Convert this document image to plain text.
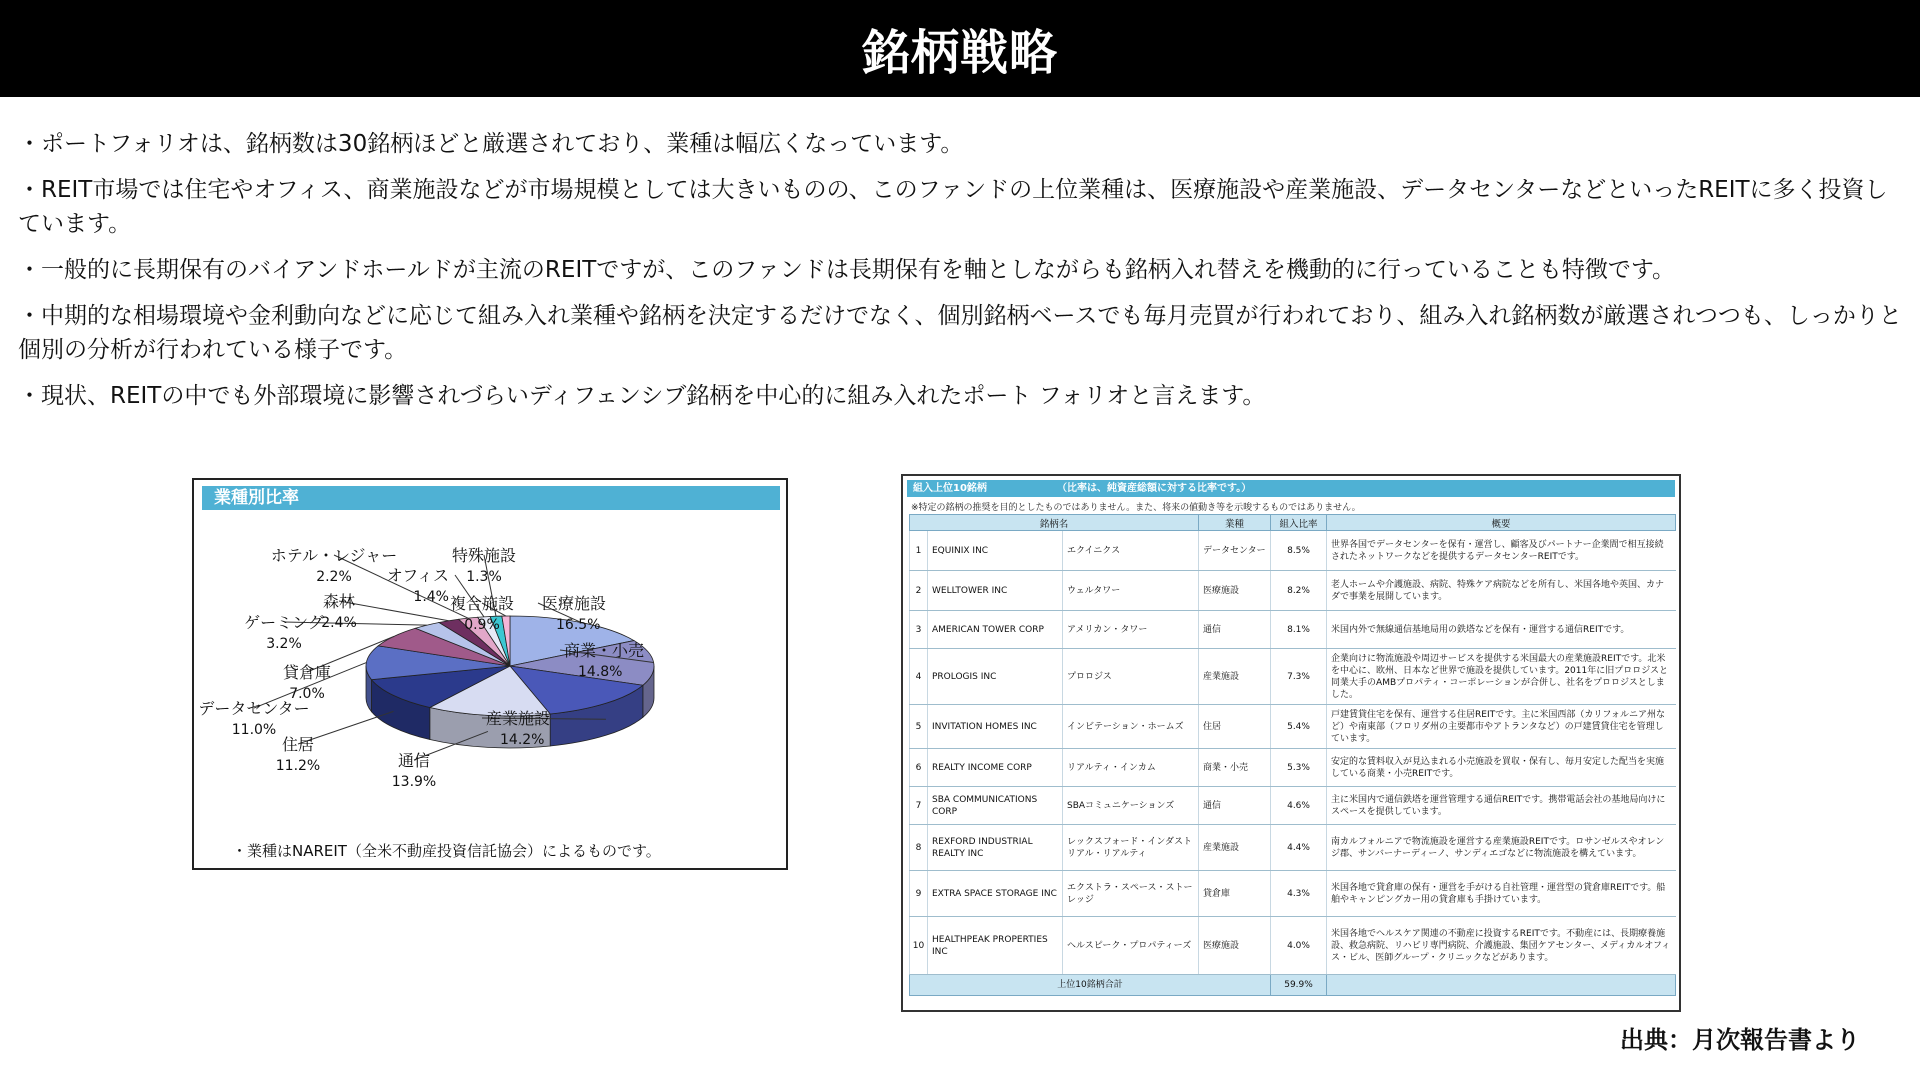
銘柄戦略

・ポートフォリオは、銘柄数は30銘柄ほどと厳選されており、業種は幅広くなっています。

・REIT市場では住宅やオフィス、商業施設などが市場規模としては大きいものの、このファンドの上位業種は、医療施設や産業施設、データセンターなどといったREITに多く投資しています。

・一般的に長期保有のバイアンドホールドが主流のREITですが、このファンドは長期保有を軸としながらも銘柄入れ替えを機動的に行っていることも特徴です。

・中期的な相場環境や金利動向などに応じて組み入れ業種や銘柄を決定するだけでなく、個別銘柄ベースでも毎月売買が行われており、組み入れ銘柄数が厳選されつつも、しっかりと個別の分析が行われている様子です。

・現状、REITの中でも外部環境に影響されづらいディフェンシブ銘柄を中心的に組み入れたポート フォリオと言えます。

業種別比率
医療施設
16.5%
商業・小売
14.8%
産業施設
14.2%
通信
13.9%
住居
11.2%
データセンター
11.0%
貸倉庫
7.0%
ゲーミング
3.2%
森林
2.4%
ホテル・レジャー
2.2% オフィス
1.4%
特殊施設
1.3%
複合施設
0.9%
・業種はNAREIT（全米不動産投資信託協会）によるものです。
組入上位10銘柄	（比率は、純資産総額に対する比率です。）
※特定の銘柄の推奨を目的としたものではありません。また、将来の値動き等を示唆するものではありません。
銘柄名			業種	組入比率	概要
1	EQUINIX INC	エクイニクス	データセンター	8.5%	世界各国でデータセンターを保有・運営し、顧客及びパートナー企業間で相互接続されたネットワークなどを提供するデータセンターREITです。
2	WELLTOWER INC	ウェルタワー	医療施設	8.2%	老人ホームや介護施設、病院、特殊ケア病院などを所有し、米国各地や英国、カナダで事業を展開しています。
3	AMERICAN TOWER CORP	アメリカン・タワー	通信	8.1%	米国内外で無線通信基地局用の鉄塔などを保有・運営する通信REITです。
4	PROLOGIS INC	プロロジス	産業施設	7.3%	企業向けに物流施設や周辺サービスを提供する米国最大の産業施設REITです。北米を中心に、欧州、日本など世界で施設を提供しています。2011年に旧プロロジスと同業大手のAMBプロパティ・コーポレーションが合併し、社名をプロロジスとしました。
5	INVITATION HOMES INC	インビテーション・ホームズ	住居	5.4%	戸建賃貸住宅を保有、運営する住居REITです。主に米国西部（カリフォルニア州など）や南東部（フロリダ州の主要都市やアトランタなど）の戸建賃貸住宅を管理しています。
6	REALTY INCOME CORP	リアルティ・インカム	商業・小売	5.3%	安定的な賃料収入が見込まれる小売施設を買収・保有し、毎月安定した配当を実施している商業・小売REITです。
7	SBA COMMUNICATIONS CORP	SBAコミュニケーションズ	通信	4.6%	主に米国内で通信鉄塔を運営管理する通信REITです。携帯電話会社の基地局向けにスペースを提供しています。
8	REXFORD INDUSTRIAL REALTY INC	レックスフォード・インダストリアル・リアルティ	産業施設	4.4%	南カルフォルニアで物流施設を運営する産業施設REITです。ロサンゼルスやオレンジ郡、サンバーナーディーノ、サンディエゴなどに物流施設を構えています。
9	EXTRA SPACE STORAGE INC	エクストラ・スペース・ストーレッジ	貸倉庫	4.3%	米国各地で貸倉庫の保有・運営を手がける自社管理・運営型の貸倉庫REITです。船舶やキャンピングカー用の貸倉庫も手掛けています。
10	HEALTHPEAK PROPERTIES INC	ヘルスピーク・プロパティーズ	医療施設	4.0%	米国各地でヘルスケア関連の不動産に投資するREITです。不動産には、長期療養施設、救急病院、リハビリ専門病院、介護施設、集団ケアセンター、メディカルオフィス・ビル、医師グループ・クリニックなどがあります。
上位10銘柄合計				59.9%	
出典：月次報告書より
